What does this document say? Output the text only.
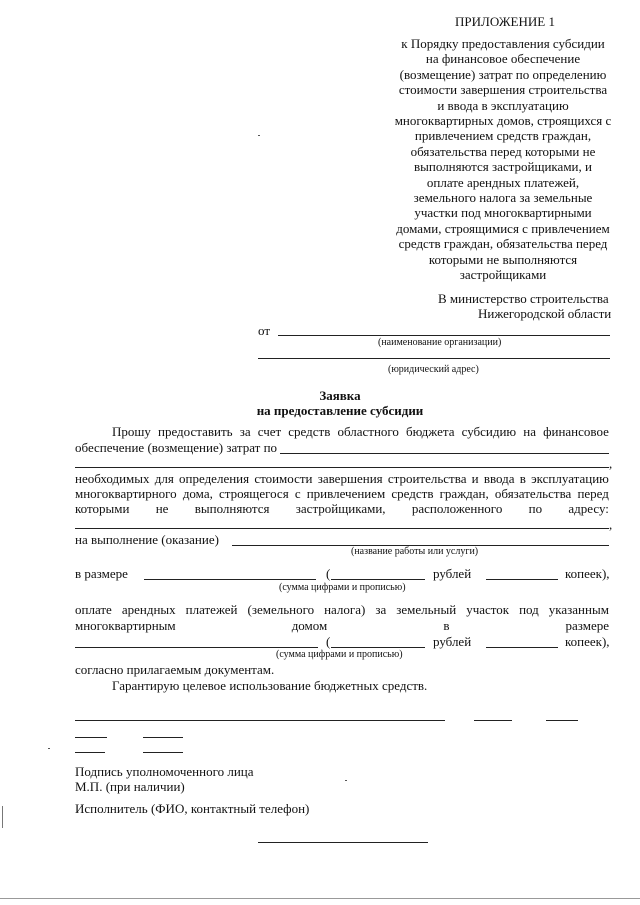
ПРИЛОЖЕНИЕ 1
к Порядку предоставления субсидии
на финансовое обеспечение
(возмещение) затрат по определению
стоимости завершения строительства
и ввода в эксплуатацию
многоквартирных домов, строящихся с
привлечением средств граждан,
обязательства перед которыми не
выполняются застройщиками, и
оплате арендных платежей,
земельного налога за земельные
участки под многоквартирными
домами, строящимися с привлечением
средств граждан, обязательства перед
которыми не выполняются
застройщиками
В министерство строительства
Нижегородской области
от
(наименование организации)
(юридический адрес)
Заявка
на предоставление субсидии
Прошу предоставить за счет средств областного бюджета субсидию на финансовое
обеспечение (возмещение) затрат по
,
необходимых для определения стоимости завершения строительства и ввода в эксплуатацию
многоквартирного дома, строящегося с привлечением средств граждан, обязательства перед
которыми не выполняются застройщиками, расположенного по адресу:
,
на выполнение (оказание)
(название работы или услуги)
в размере	(	рублей	копеек),
(сумма цифрами и прописью)
оплате арендных платежей (земельного налога) за земельный участок под указанным
многоквартирным	домом	в	размере
(	рублей	копеек),
(сумма цифрами и прописью)
согласно прилагаемым документам.
Гарантирую целевое использование бюджетных средств.
Подпись уполномоченного лица
М.П. (при наличии)
Исполнитель (ФИО, контактный телефон)
